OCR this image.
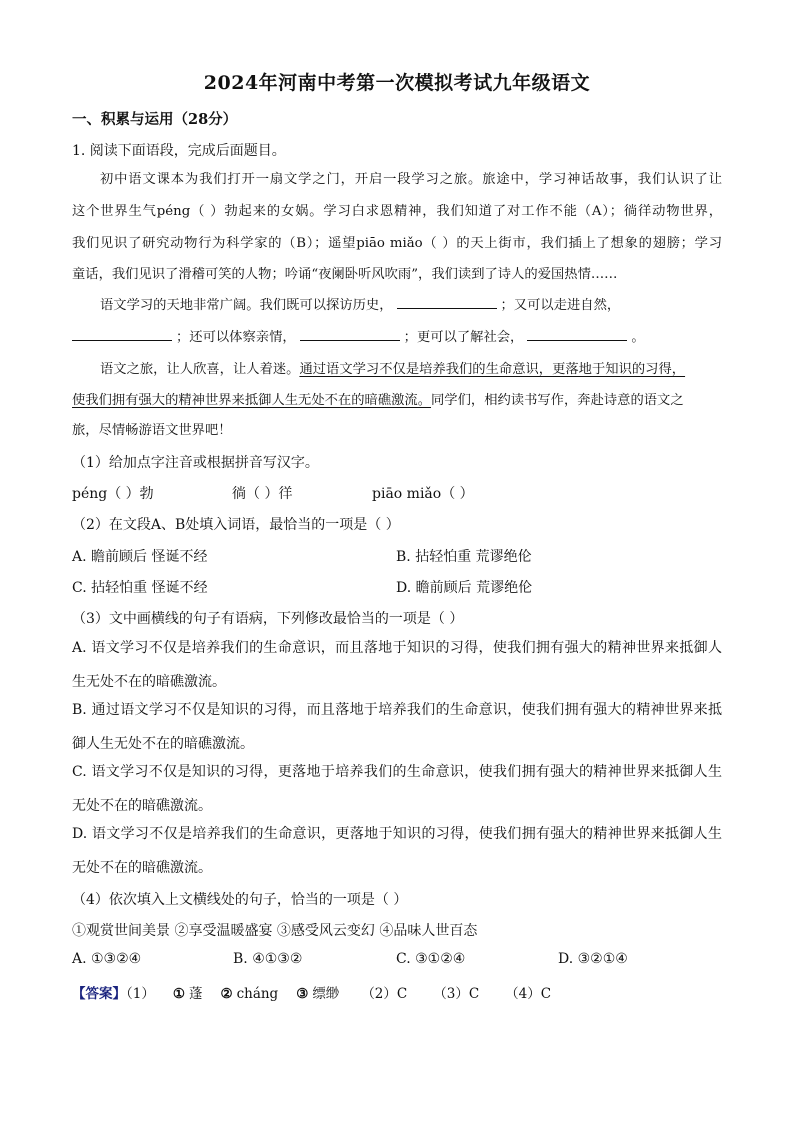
2024年河南中考第一次模拟考试九年级语文
一、积累与运用（28分）
1. 阅读下面语段，完成后面题目。
初中语文课本为我们打开一扇文学之门，开启一段学习之旅。旅途中，学习神话故事，我们认识了让
这个世界生气péng（ ）勃起来的女娲。学习白求恩精神，我们知道了对工作不能（A）；徜徉动物世界，
我们见识了研究动物行为科学家的（B）；遥望piāo miǎo（ ）的天上街市，我们插上了想象的翅膀；学习
童话，我们见识了滑稽可笑的人物；吟诵“夜阑卧听风吹雨”，我们读到了诗人的爱国热情……
语文学习的天地非常广阔。我们既可以探访历史，	；又可以走进自然，
；还可以体察亲情，	；更可以了解社会，	。
语文之旅，让人欣喜，让人着迷。通过语文学习不仅是培养我们的生命意识，更落地于知识的习得，
使我们拥有强大的精神世界来抵御人生无处不在的暗礁激流。同学们，相约读书写作，奔赴诗意的语文之
旅，尽情畅游语文世界吧！
（1）给加点字注音或根据拼音写汉字。
péng（ ）勃	徜（ ）徉	piāo miǎo（ ）
（2）在文段A、B处填入词语，最恰当的一项是（ ）
A. 瞻前顾后 怪诞不经	B. 拈轻怕重 荒谬绝伦
C. 拈轻怕重 怪诞不经	D. 瞻前顾后 荒谬绝伦
（3）文中画横线的句子有语病，下列修改最恰当的一项是（ ）
A. 语文学习不仅是培养我们的生命意识，而且落地于知识的习得，使我们拥有强大的精神世界来抵御人
生无处不在的暗礁激流。
B. 通过语文学习不仅是知识的习得，而且落地于培养我们的生命意识，使我们拥有强大的精神世界来抵
御人生无处不在的暗礁激流。
C. 语文学习不仅是知识的习得，更落地于培养我们的生命意识，使我们拥有强大的精神世界来抵御人生
无处不在的暗礁激流。
D. 语文学习不仅是培养我们的生命意识，更落地于知识的习得，使我们拥有强大的精神世界来抵御人生
无处不在的暗礁激流。
（4）依次填入上文横线处的句子，恰当的一项是（ ）
①观赏世间美景 ②享受温暖盛宴 ③感受风云变幻 ④品味人世百态
A. ①③②④	B. ④①③②	C. ③①②④	D. ③②①④
【答案】（1） ① 蓬 ② cháng ③ 缥缈 （2）C （3）C （4）C
